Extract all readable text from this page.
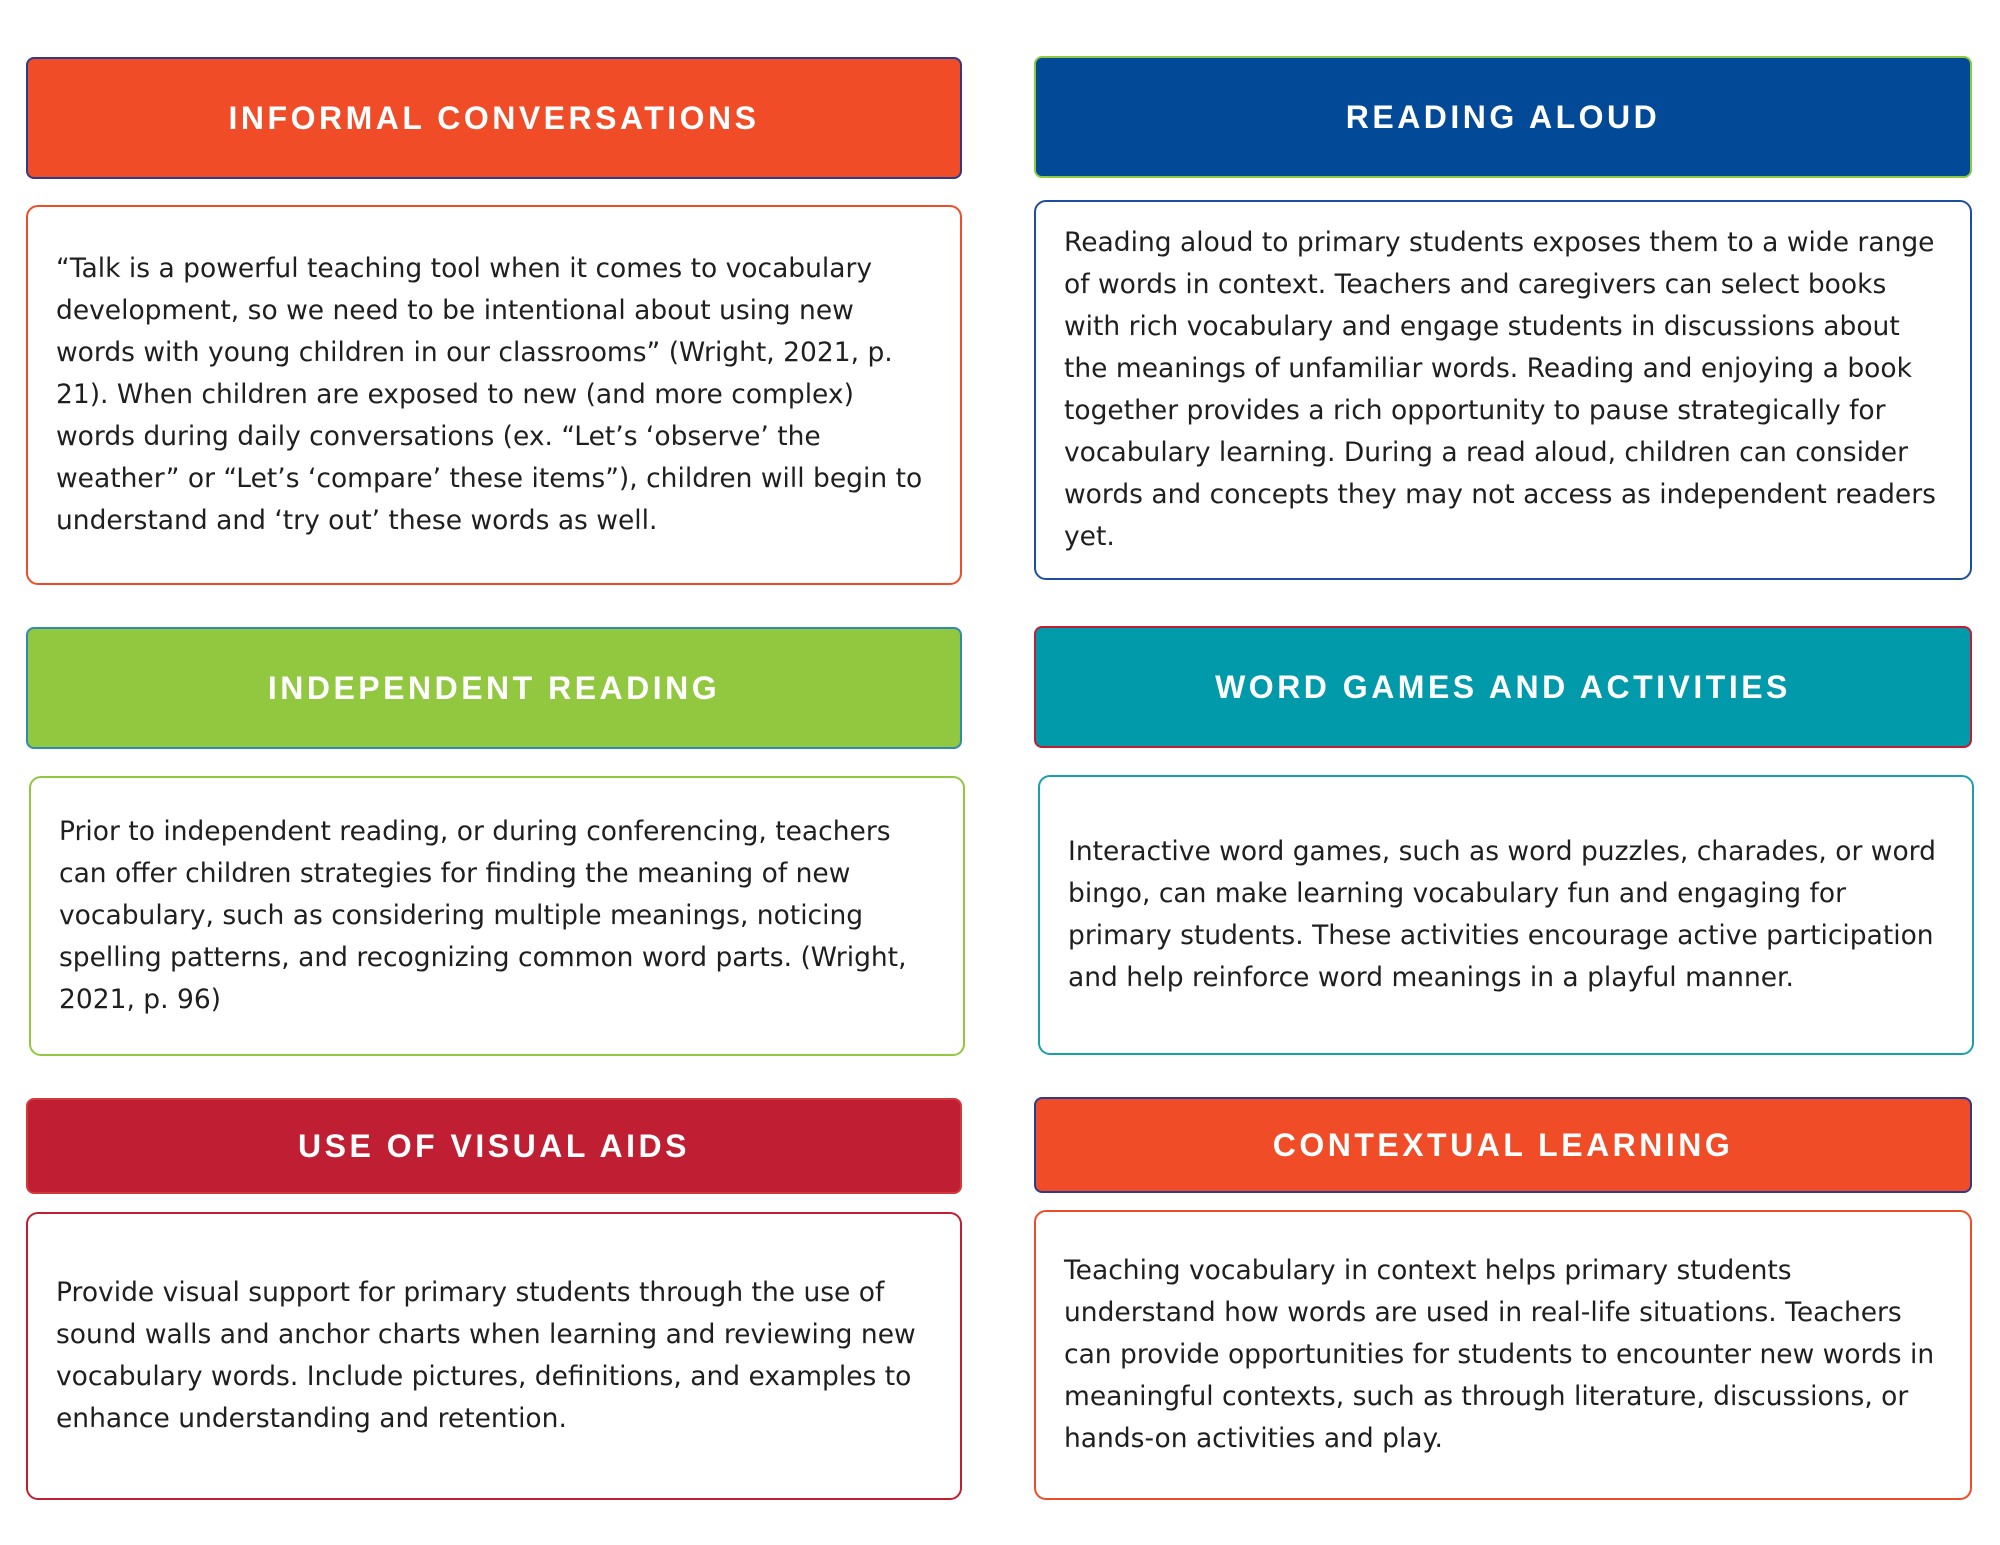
INFORMAL CONVERSATIONS

“Talk is a powerful teaching tool when it comes to vocabulary development, so we need to be intentional about using new words with young children in our classrooms” (Wright, 2021, p. 21). When children are exposed to new (and more complex) words during daily conversations (ex. “Let’s ‘observe’ the weather” or “Let’s ‘compare’ these items”), children will begin to understand and ‘try out’ these words as well.

READING ALOUD

Reading aloud to primary students exposes them to a wide range of words in context. Teachers and caregivers can select books with rich vocabulary and engage students in discussions about the meanings of unfamiliar words. Reading and enjoying a book together provides a rich opportunity to pause strategically for vocabulary learning. During a read aloud, children can consider words and concepts they may not access as independent readers yet.

INDEPENDENT READING

Prior to independent reading, or during conferencing, teachers can offer children strategies for finding the meaning of new vocabulary, such as considering multiple meanings, noticing spelling patterns, and recognizing common word parts. (Wright, 2021, p. 96)

WORD GAMES AND ACTIVITIES

Interactive word games, such as word puzzles, charades, or word bingo, can make learning vocabulary fun and engaging for primary students. These activities encourage active participation and help reinforce word meanings in a playful manner.

USE OF VISUAL AIDS

Provide visual support for primary students through the use of sound walls and anchor charts when learning and reviewing new vocabulary words. Include pictures, definitions, and examples to enhance understanding and retention.

CONTEXTUAL LEARNING

Teaching vocabulary in context helps primary students understand how words are used in real-life situations. Teachers can provide opportunities for students to encounter new words in meaningful contexts, such as through literature, discussions, or hands-on activities and play.
